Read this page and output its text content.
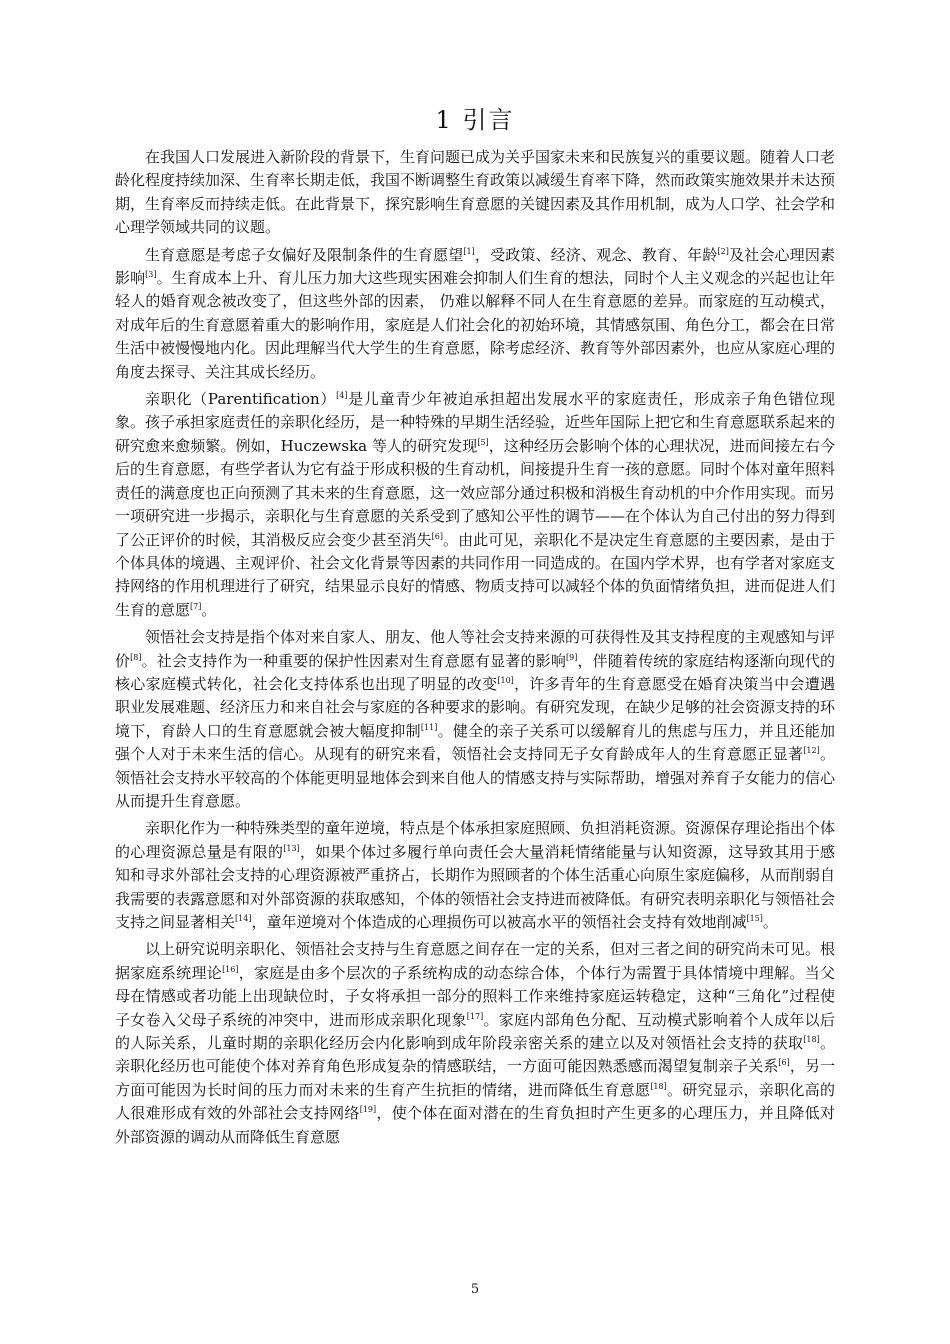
1 引言

在我国人口发展进入新阶段的背景下，生育问题已成为关乎国家未来和民族复兴的重要议题。随着人口老龄化程度持续加深、生育率长期走低，我国不断调整生育政策以减缓生育率下降，然而政策实施效果并未达预期，生育率反而持续走低。在此背景下，探究影响生育意愿的关键因素及其作用机制，成为人口学、社会学和心理学领域共同的议题。

生育意愿是考虑子女偏好及限制条件的生育愿望[1]，受政策、经济、观念、教育、年龄[2]及社会心理因素影响[3]。生育成本上升、育儿压力加大这些现实困难会抑制人们生育的想法，同时个人主义观念的兴起也让年轻人的婚育观念被改变了，但这些外部的因素， 仍难以解释不同人在生育意愿的差异。而家庭的互动模式，对成年后的生育意愿着重大的影响作用，家庭是人们社会化的初始环境，其情感氛围、角色分工，都会在日常生活中被慢慢地内化。因此理解当代大学生的生育意愿，除考虑经济、教育等外部因素外，也应从家庭心理的角度去探寻、关注其成长经历。

亲职化（Parentification）[4]是儿童青少年被迫承担超出发展水平的家庭责任，形成亲子角色错位现象。孩子承担家庭责任的亲职化经历，是一种特殊的早期生活经验，近些年国际上把它和生育意愿联系起来的研究愈来愈频繁。例如，Huczewska 等人的研究发现[5]，这种经历会影响个体的心理状况，进而间接左右今后的生育意愿，有些学者认为它有益于形成积极的生育动机，间接提升生育一孩的意愿。同时个体对童年照料责任的满意度也正向预测了其未来的生育意愿，这一效应部分通过积极和消极生育动机的中介作用实现。而另一项研究进一步揭示，亲职化与生育意愿的关系受到了感知公平性的调节——在个体认为自己付出的努力得到了公正评价的时候，其消极反应会变少甚至消失[6]。由此可见，亲职化不是决定生育意愿的主要因素，是由于个体具体的境遇、主观评价、社会文化背景等因素的共同作用一同造成的。在国内学术界，也有学者对家庭支持网络的作用机理进行了研究，结果显示良好的情感、物质支持可以减轻个体的负面情绪负担，进而促进人们生育的意愿[7]。

领悟社会支持是指个体对来自家人、朋友、他人等社会支持来源的可获得性及其支持程度的主观感知与评价[8]。社会支持作为一种重要的保护性因素对生育意愿有显著的影响[9]，伴随着传统的家庭结构逐渐向现代的核心家庭模式转化，社会化支持体系也出现了明显的改变[10]，许多青年的生育意愿受在婚育决策当中会遭遇职业发展难题、经济压力和来自社会与家庭的各种要求的影响。有研究发现，在缺少足够的社会资源支持的环境下，育龄人口的生育意愿就会被大幅度抑制[11]。健全的亲子关系可以缓解育儿的焦虑与压力，并且还能加强个人对于未来生活的信心。从现有的研究来看，领悟社会支持同无子女育龄成年人的生育意愿正显著[12]。领悟社会支持水平较高的个体能更明显地体会到来自他人的情感支持与实际帮助，增强对养育子女能力的信心从而提升生育意愿。

亲职化作为一种特殊类型的童年逆境，特点是个体承担家庭照顾、负担消耗资源。资源保存理论指出个体的心理资源总量是有限的[13]，如果个体过多履行单向责任会大量消耗情绪能量与认知资源，这导致其用于感知和寻求外部社会支持的心理资源被严重挤占，长期作为照顾者的个体生活重心向原生家庭偏移，从而削弱自我需要的表露意愿和对外部资源的获取感知，个体的领悟社会支持进而被降低。有研究表明亲职化与领悟社会支持之间显著相关[14]，童年逆境对个体造成的心理损伤可以被高水平的领悟社会支持有效地削减[15]。

以上研究说明亲职化、领悟社会支持与生育意愿之间存在一定的关系，但对三者之间的研究尚未可见。根据家庭系统理论[16]，家庭是由多个层次的子系统构成的动态综合体，个体行为需置于具体情境中理解。当父母在情感或者功能上出现缺位时，子女将承担一部分的照料工作来维持家庭运转稳定，这种“三角化”过程使子女卷入父母子系统的冲突中，进而形成亲职化现象[17]。家庭内部角色分配、互动模式影响着个人成年以后的人际关系，儿童时期的亲职化经历会内化影响到成年阶段亲密关系的建立以及对领悟社会支持的获取[18]。亲职化经历也可能使个体对养育角色形成复杂的情感联结，一方面可能因熟悉感而渴望复制亲子关系[6]，另一方面可能因为长时间的压力而对未来的生育产生抗拒的情绪，进而降低生育意愿[18]。研究显示，亲职化高的人很难形成有效的外部社会支持网络[19]，使个体在面对潜在的生育负担时产生更多的心理压力，并且降低对外部资源的调动从而降低生育意愿

5
